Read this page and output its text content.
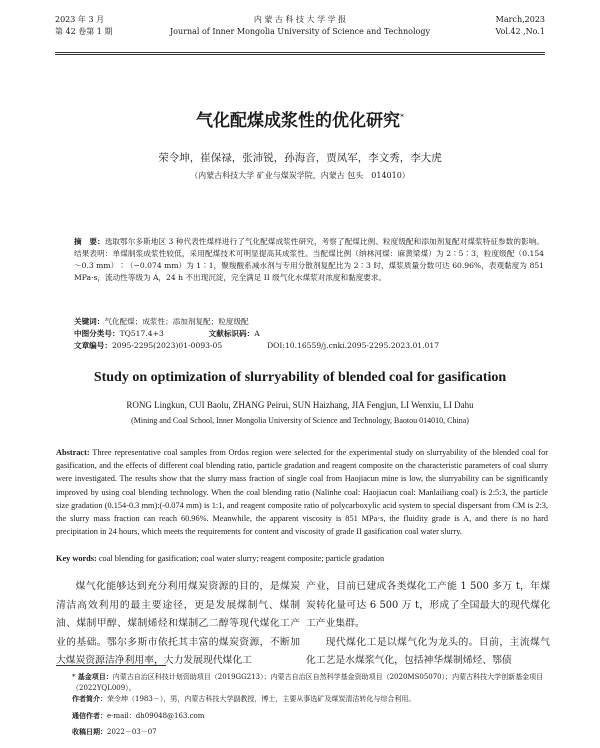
2023 年 3 月
第 42 卷第 1 期
内 蒙 古 科 技 大 学 学 报
Journal of Inner Mongolia University of Science and Technology
March,2023
Vol.42 ,No.1
气化配煤成浆性的优化研究*
荣令坤，崔保禄，张沛锐，孙海音，贾凤军，李文秀，李大虎
（内蒙古科技大学 矿业与煤炭学院，内蒙古 包头　014010）
摘　要：选取鄂尔多斯地区 3 种代表性煤样进行了气化配煤成浆性研究，考察了配煤比例、粒度级配和添加剂复配对煤浆特征参数的影响。结果表明：单煤制浆成浆性较低，采用配煤技术可明显提高其成浆性。当配煤比例（纳林河煤：麻黄梁煤）为 2∶5∶3，粒度级配（0.154～0.3 mm）∶（−0.074 mm）为 1∶1，聚羧酸系减水剂与专用分散剂复配比为 2∶3 时，煤浆质量分数可达 60.96%，表观黏度为 851 MPa·s，流动性等级为 A，24 h 不出现沉淀，完全满足 II 级气化水煤浆对浓度和黏度要求。
关键词：气化配煤；成浆性；添加剂复配；粒度级配
中图分类号：TQ517.4+3	文献标识码：A
文章编号：2095-2295(2023)01-0093-05	DOI:10.16559/j.cnki.2095-2295.2023.01.017
Study on optimization of slurryability of blended coal for gasification
RONG Lingkun, CUI Baolu, ZHANG Peirui, SUN Haizhang, JIA Fengjun, LI Wenxiu, LI Dahu
(Mining and Coal School, Inner Mongolia University of Science and Technology, Baotou 014010, China)
Abstract: Three representative coal samples from Ordos region were selected for the experimental study on slurryability of the blended coal for gasification, and the effects of different coal blending ratio, particle gradation and reagent composite on the characteristic parameters of coal slurry were investigated. The results show that the slurry mass fraction of single coal from Haojiacun mine is low, the slurryability can be significantly improved by using coal blending technology. When the coal blending ratio (Nalinhe coal: Haojiacun coal: Manlailiang coal) is 2:5:3, the particle size gradation (0.154-0.3 mm):(-0.074 mm) is 1:1, and reagent composite ratio of polycarboxylic acid system to special dispersant from CM is 2:3, the slurry mass fraction can reach 60.96%. Meanwhile, the apparent viscosity is 851 MPa·s, the fluidity grade is A, and there is no hard precipitation in 24 hours, which meets the requirements for content and viscosity of grade II gasification coal water slurry.
Key words: coal blending for gasification; coal water slurry; reagent composite; particle gradation

煤气化能够达到充分利用煤炭资源的目的，是煤炭清洁高效利用的最主要途径，更是发展煤制气、煤制油、煤制甲醇、煤制烯烃和煤制乙二醇等现代煤化工产业的基础。鄂尔多斯市依托其丰富的煤炭资源，不断加大煤炭资源洁净利用率，大力发展现代煤化工

产业，目前已建成各类煤化工产能 1 500 多万 t，年煤炭转化量可达 6 500 万 t，形成了全国最大的现代煤化工产业集群。

现代煤化工是以煤气化为龙头的。目前，主流煤气化工艺是水煤浆气化，包括神华煤制烯烃、鄂债

* 基金项目：内蒙古自治区科技计划资助项目（2019GG213）；内蒙古自治区自然科学基金资助项目（2020MS05070）；内蒙古科技大学创新基金项目（2022YQL009）。
作者简介：荣令坤（1983－），男，内蒙古科技大学副教授，博士，主要从事选矿及煤炭清洁转化与综合利用。
通信作者：e-mail：dh09048@163.com
收稿日期：2022－03－07
